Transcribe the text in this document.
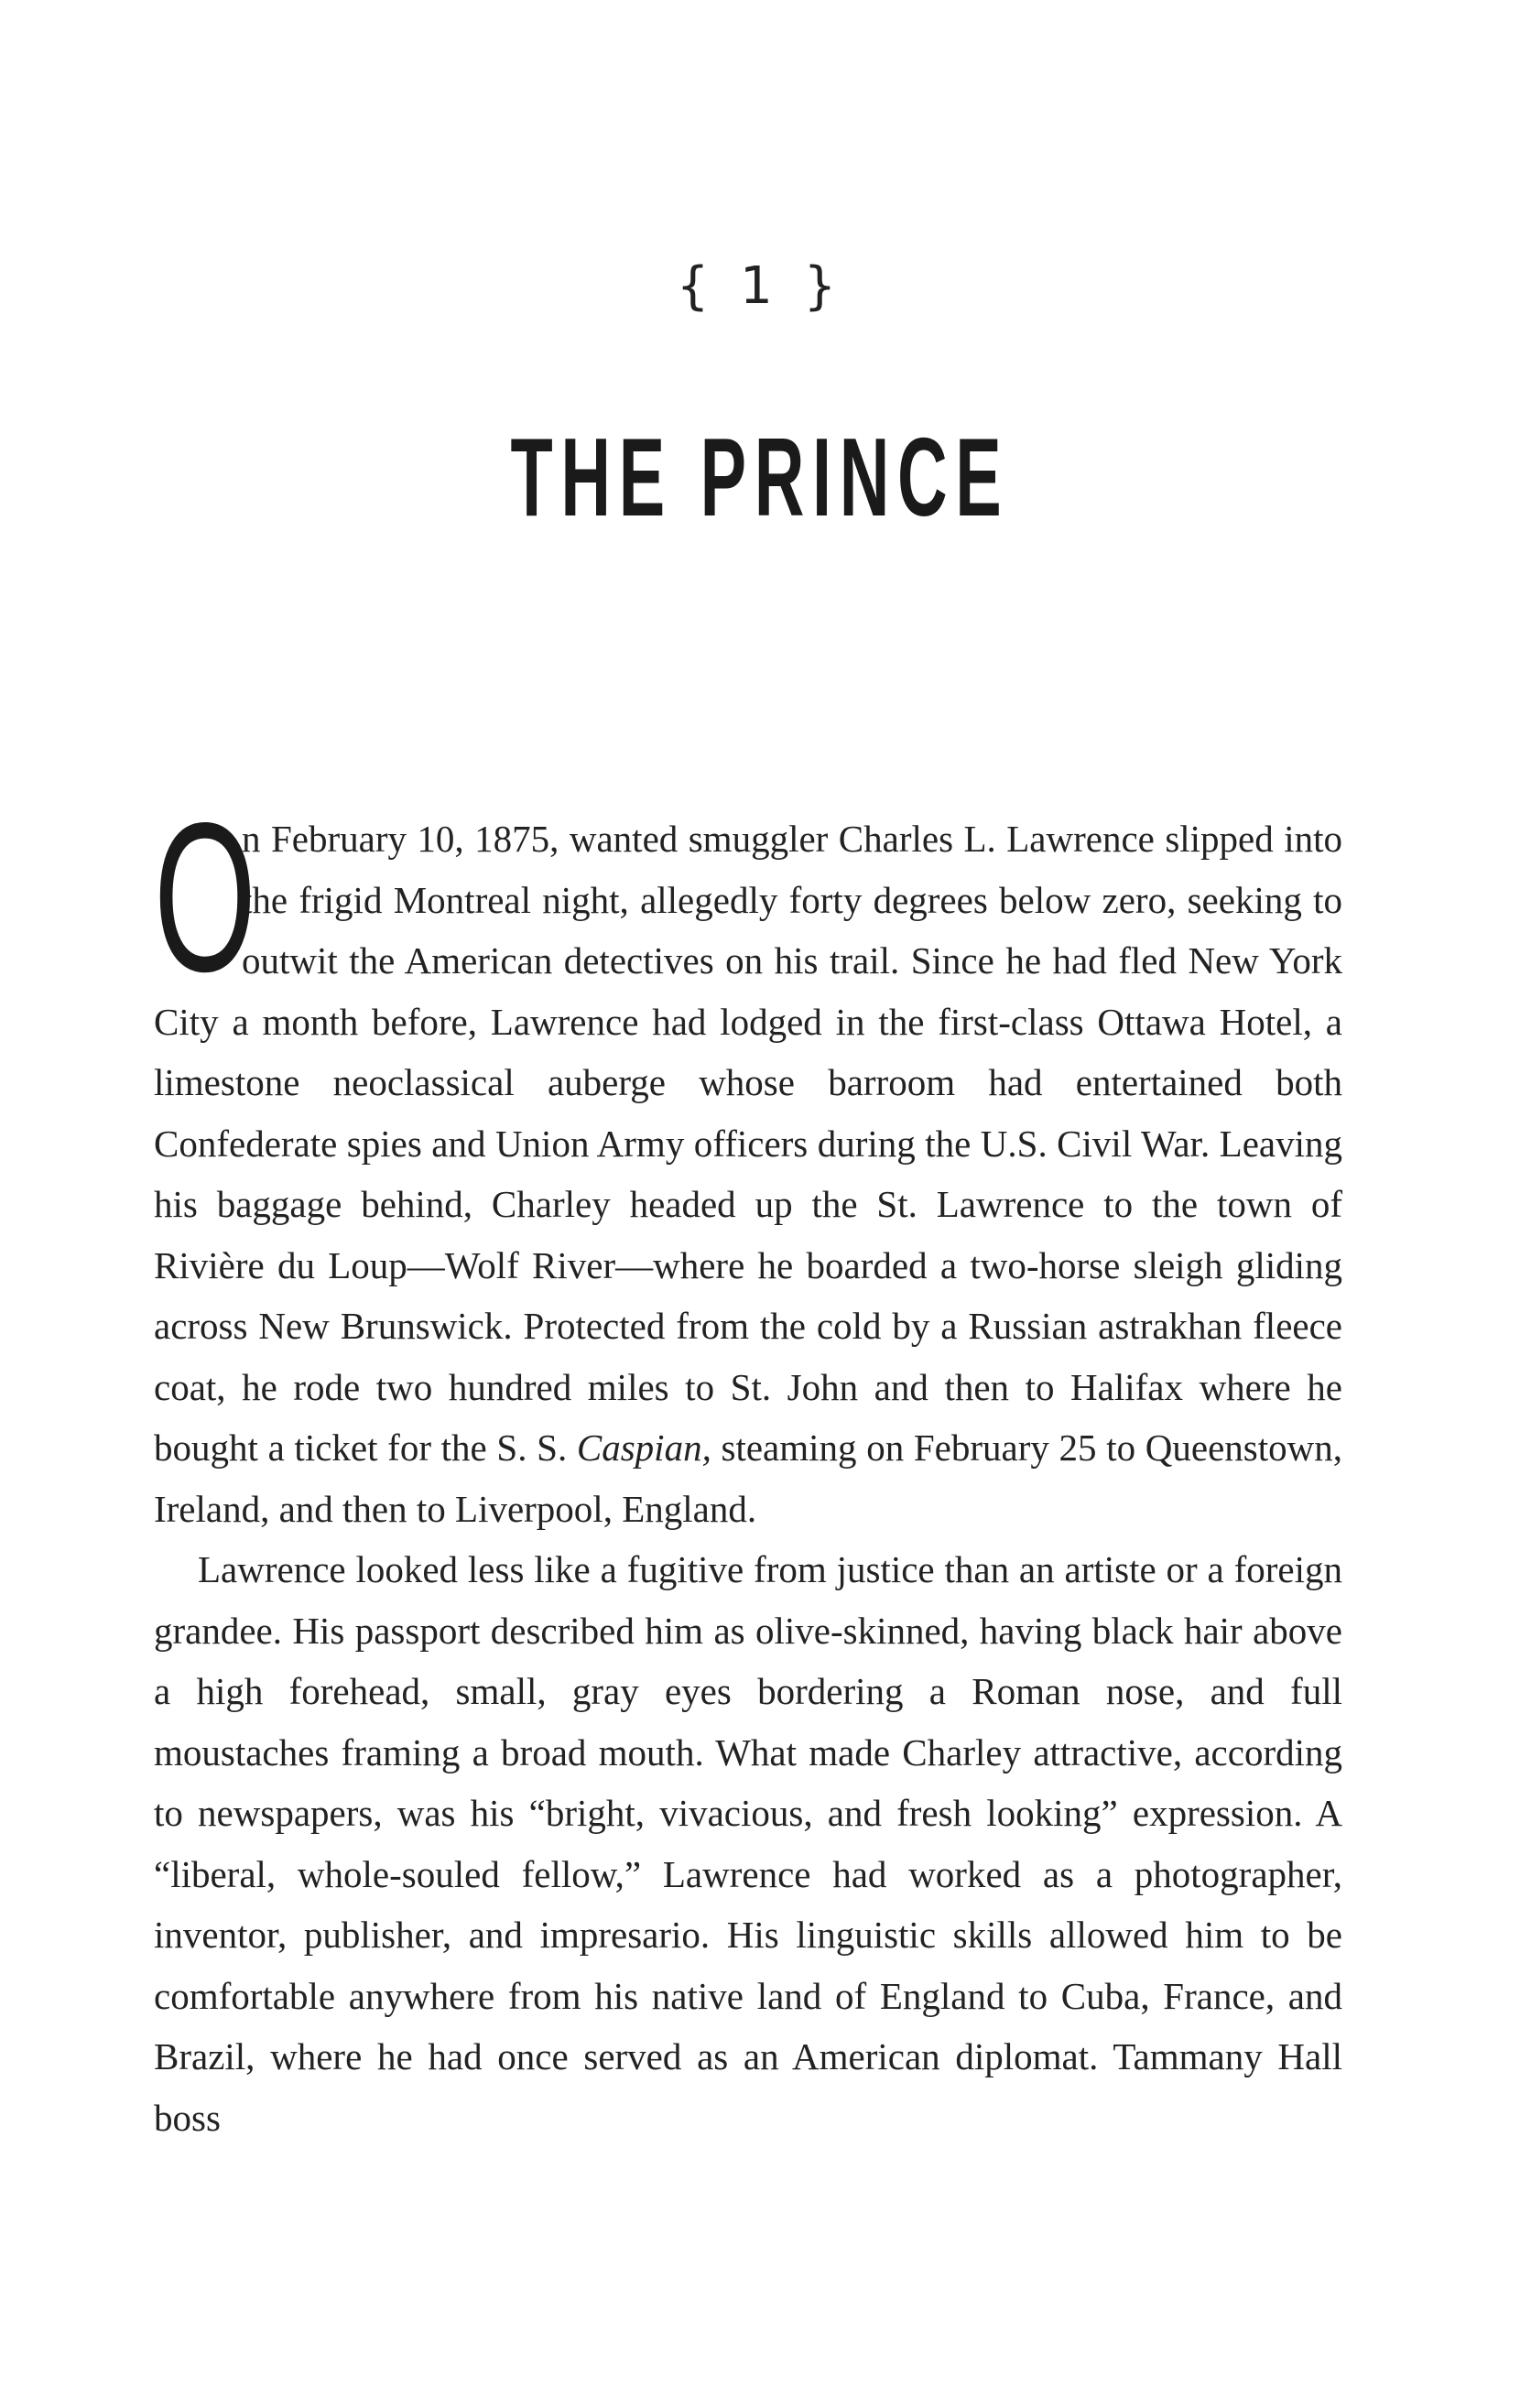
{ 1 }
THE PRINCE

O
n February 10, 1875, wanted smuggler Charles L. Lawrence slipped into the frigid Montreal night, allegedly forty degrees below zero, seeking to outwit the American detectives on his trail. Since he had fled New York City a month before, Lawrence had lodged in the first-class Ottawa Hotel, a limestone neoclassical auberge whose barroom had entertained both Confederate spies and Union Army officers during the U.S. Civil War. Leaving his baggage behind, Charley headed up the St. Lawrence to the town of Rivière du Loup—Wolf River—where he boarded a two-horse sleigh gliding across New Brunswick. Protected from the cold by a Russian astrakhan fleece coat, he rode two hundred miles to St. John and then to Halifax where he bought a ticket for the S. S. Caspian, steaming on February 25 to Queenstown, Ireland, and then to Liverpool, England.

Lawrence looked less like a fugitive from justice than an artiste or a foreign grandee. His passport described him as olive-skinned, having black hair above a high forehead, small, gray eyes bordering a Roman nose, and full moustaches framing a broad mouth. What made Charley attractive, according to newspapers, was his “bright, vivacious, and fresh looking” expression. A “liberal, whole-souled fellow,” Lawrence had worked as a photographer, inventor, publisher, and impresario. His linguistic skills allowed him to be comfortable anywhere from his native land of England to Cuba, France, and Brazil, where he had once served as an American diplomat. Tammany Hall boss
